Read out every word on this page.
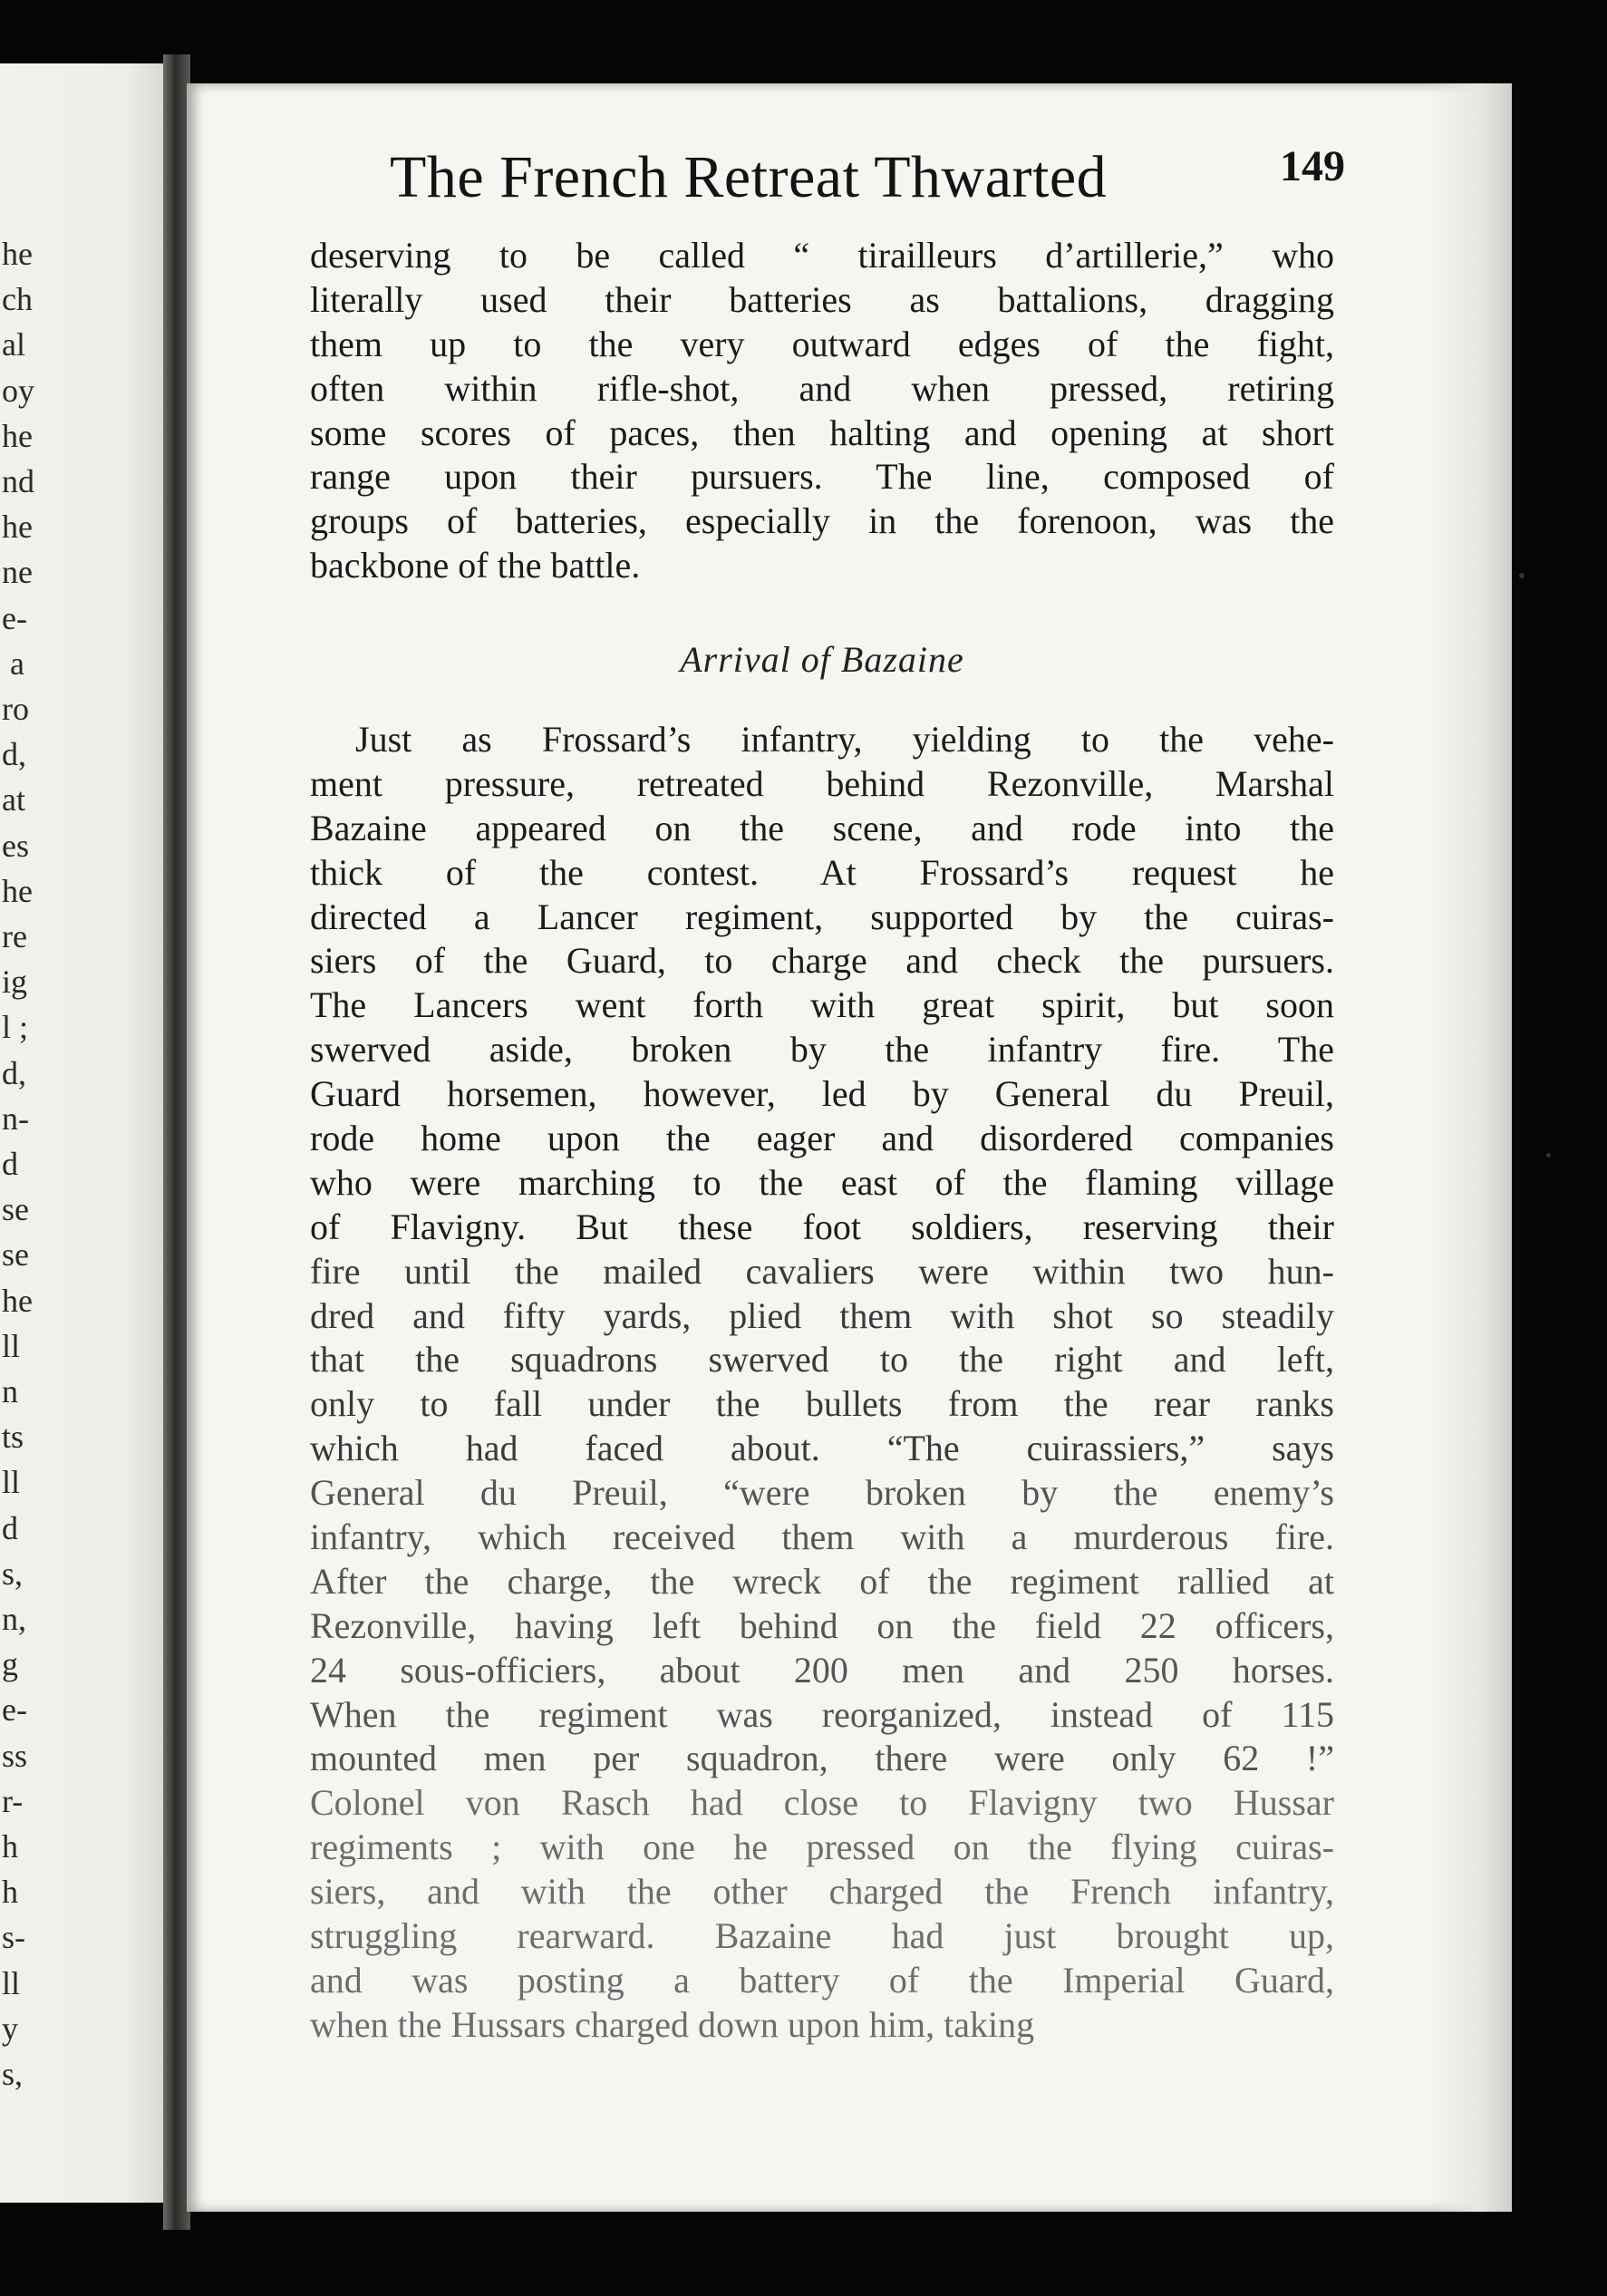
he
ch
al
oy
he
nd
he
ne
e-
a
ro
d,
at
es
he
re
ig
l ;
d,
n-
d
se
se
he
ll
n
ts
ll
d
s,
n,
g
e-
ss
r-
h
h
s-
ll
y
s,
The French Retreat Thwarted	149
deserving to be called “ tirailleurs d’artillerie,” who
literally used their batteries as battalions, dragging
them up to the very outward edges of the fight,
often within rifle-shot, and when pressed, retiring
some scores of paces, then halting and opening at short
range upon their pursuers. The line, composed of
groups of batteries, especially in the forenoon, was the
backbone of the battle.
Arrival of Bazaine
Just as Frossard’s infantry, yielding to the vehe-
ment pressure, retreated behind Rezonville, Marshal
Bazaine appeared on the scene, and rode into the
thick of the contest. At Frossard’s request he
directed a Lancer regiment, supported by the cuiras-
siers of the Guard, to charge and check the pursuers.
The Lancers went forth with great spirit, but soon
swerved aside, broken by the infantry fire. The
Guard horsemen, however, led by General du Preuil,
rode home upon the eager and disordered companies
who were marching to the east of the flaming village
of Flavigny. But these foot soldiers, reserving their
fire until the mailed cavaliers were within two hun-
dred and fifty yards, plied them with shot so steadily
that the squadrons swerved to the right and left,
only to fall under the bullets from the rear ranks
which had faced about. “The cuirassiers,” says
General du Preuil, “were broken by the enemy’s
infantry, which received them with a murderous fire.
After the charge, the wreck of the regiment rallied at
Rezonville, having left behind on the field 22 officers,
24 sous-officiers, about 200 men and 250 horses.
When the regiment was reorganized, instead of 115
mounted men per squadron, there were only 62 !”
Colonel von Rasch had close to Flavigny two Hussar
regiments ; with one he pressed on the flying cuiras-
siers, and with the other charged the French infantry,
struggling rearward. Bazaine had just brought up,
and was posting a battery of the Imperial Guard,
when the Hussars charged down upon him, taking
